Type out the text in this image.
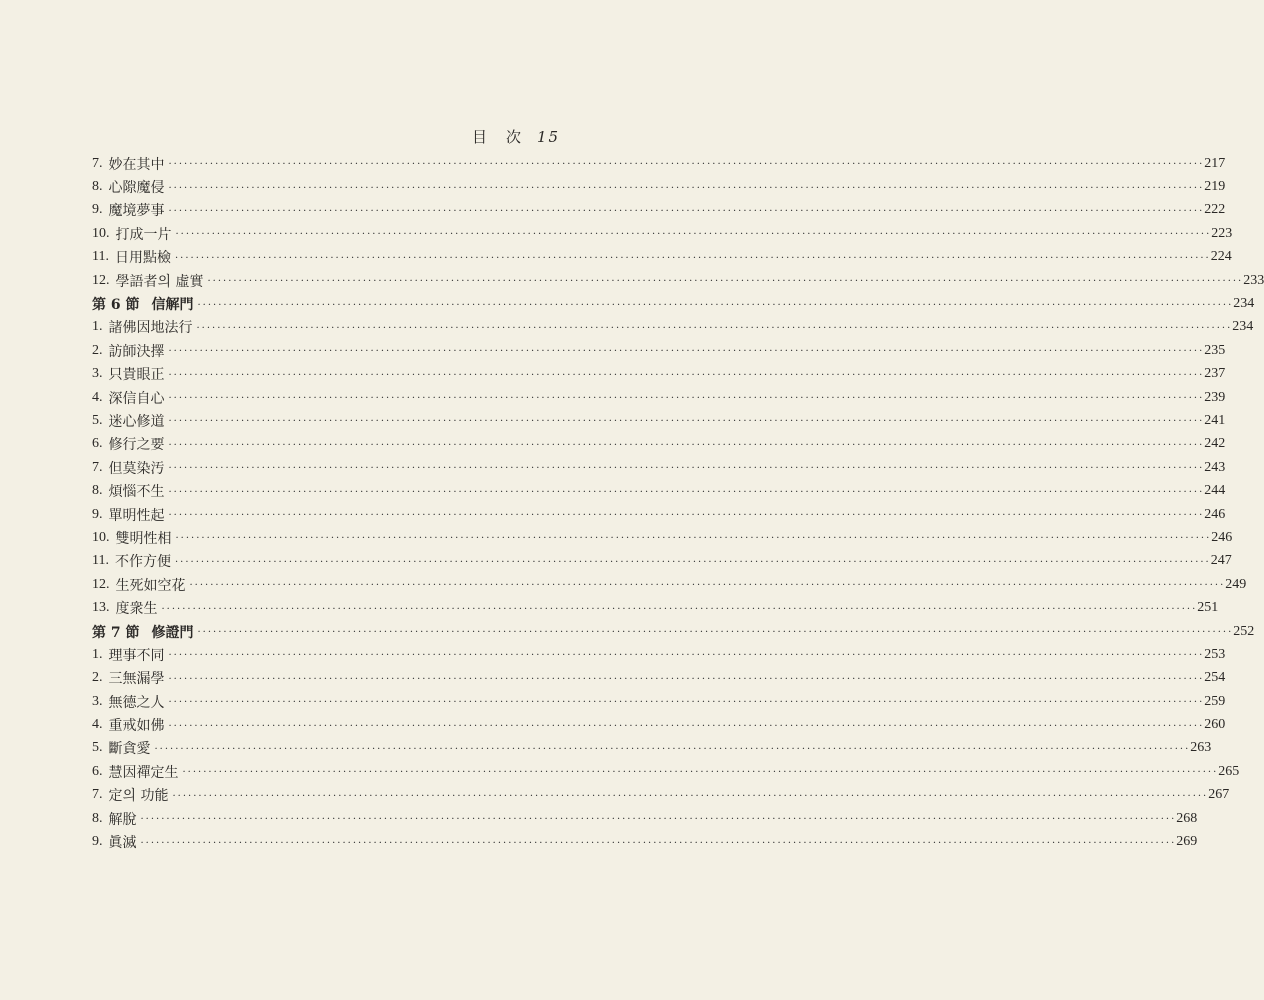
目　次 15
7. 妙在其中 ········································································································································································································ 217
8. 心隙魔侵 ········································································································································································································ 219
9. 魔境夢事 ········································································································································································································ 222
10. 打成一片 ········································································································································································································ 223
11. 日用點檢 ········································································································································································································ 224
12. 學語者의 虛實 ········································································································································································································ 233
第 6 節 信解門 ········································································································································································································ 234
1. 諸佛因地法行 ········································································································································································································ 234
2. 訪師決擇 ········································································································································································································ 235
3. 只貴眼正 ········································································································································································································ 237
4. 深信自心 ········································································································································································································ 239
5. 迷心修道 ········································································································································································································ 241
6. 修行之要 ········································································································································································································ 242
7. 但莫染汚 ········································································································································································································ 243
8. 煩惱不生 ········································································································································································································ 244
9. 單明性起 ········································································································································································································ 246
10. 雙明性相 ········································································································································································································ 246
11. 不作方便 ········································································································································································································ 247
12. 生死如空花 ········································································································································································································ 249
13. 度衆生 ········································································································································································································ 251
第 7 節 修證門 ········································································································································································································ 252
1. 理事不同 ········································································································································································································ 253
2. 三無漏學 ········································································································································································································ 254
3. 無德之人 ········································································································································································································ 259
4. 重戒如佛 ········································································································································································································ 260
5. 斷貪愛 ········································································································································································································ 263
6. 慧因禪定生 ········································································································································································································ 265
7. 定의 功能 ········································································································································································································ 267
8. 解脫 ········································································································································································································ 268
9. 眞滅 ········································································································································································································ 269
